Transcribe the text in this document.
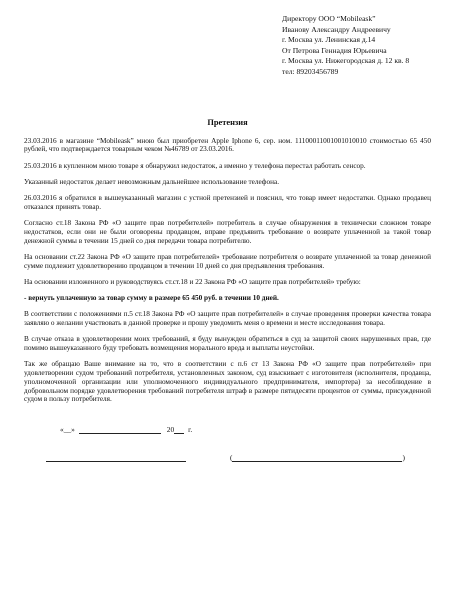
Директору ООО “Mobileask”
Иванову Александру Андреевичу
г. Москва ул. Ленинская д.14
От Петрова Геннадия Юрьевича
г. Москва ул. Нижегородская д. 12 кв. 8
тел: 89203456789
Претензия
23.03.2016 в магазине “Mobileask” мною был приобретен Apple Iphone 6, сер. ном. 11100011001001010010 стоимостью 65 450 рублей, что подтверждается товарным чеком №46789 от 23.03.2016.
25.03.2016 в купленном мною товаре я обнаружил недостаток, а именно у телефона перестал работать сенсор.
Указанный недостаток делает невозможным дальнейшее использование телефона.
26.03.2016 я обратился в вышеуказанный магазин с устной претензией и пояснил, что товар имеет недостатки. Однако продавец отказался принять товар.
Согласно ст.18 Закона РФ «О защите прав потребителей» потребитель в случае обнаружения в технически сложном товаре недостатков, если они не были оговорены продавцом, вправе предъявить требование о возврате уплаченной за такой товар денежной суммы в течении 15 дней со дня передачи товара потребителю.
На основании ст.22 Закона РФ «О защите прав потребителей» требование потребителя о возврате уплаченной за товар денежной сумме подлежит удовлетворению продавцом в течении 10 дней со дня предъявления требования.
На основании изложенного и руководствуясь ст.ст.18 и 22 Закона РФ «О защите прав потребителей» требую:
- вернуть уплаченную за товар сумму в размере 65 450 руб. в течении 10 дней.
В соответствии с положениями п.5 ст.18 Закона РФ «О защите прав потребителей» в случае проведения проверки качества товара заявляю о желании участвовать в данной проверке и прошу уведомить меня о времени и месте исследования товара.
В случае отказа в удовлетворении моих требований, я буду вынужден обратиться в суд за защитой своих нарушенных прав, где помимо вышеуказанного буду требовать возмещения морального вреда и выплаты неустойки.
Так же обращаю Ваше внимание на то, что в соответствии с п.6 ст 13 Закона РФ «О защите прав потребителей» при удовлетворении судом требований потребителя, установленных законом, суд взыскивает с изготовителя (исполнителя, продавца, уполномоченной организации или уполномоченного индивидуального предпринимателя, импортера) за несоблюдение в добровольном порядке удовлетворения требований потребителя штраф в размере пятидесяти процентов от суммы, присужденной судом в пользу потребителя.
«__»	20 г.
(	)
